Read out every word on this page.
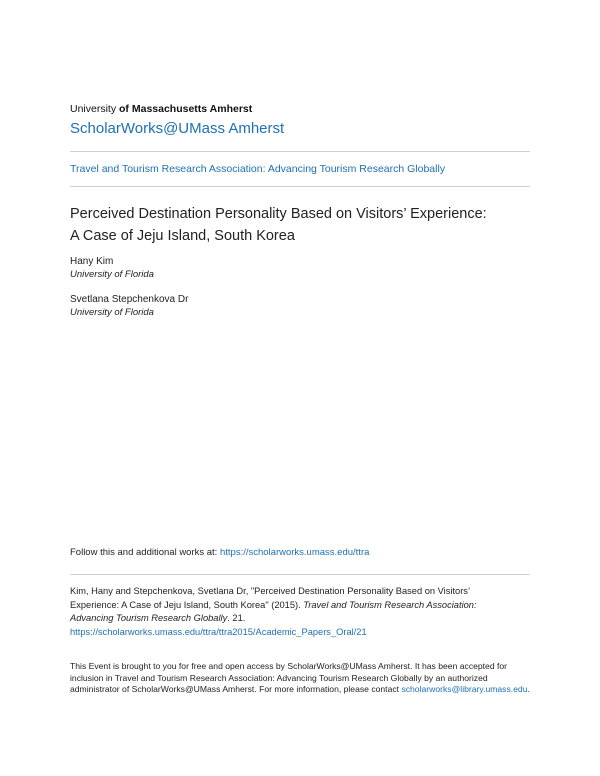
University of Massachusetts Amherst
ScholarWorks@UMass Amherst
Travel and Tourism Research Association: Advancing Tourism Research Globally
Perceived Destination Personality Based on Visitors’ Experience:
A Case of Jeju Island, South Korea
Hany Kim
University of Florida
Svetlana Stepchenkova Dr
University of Florida
Follow this and additional works at: https://scholarworks.umass.edu/ttra
Kim, Hany and Stepchenkova, Svetlana Dr, "Perceived Destination Personality Based on Visitors’
Experience: A Case of Jeju Island, South Korea" (2015). Travel and Tourism Research Association:
Advancing Tourism Research Globally. 21.
https://scholarworks.umass.edu/ttra/ttra2015/Academic_Papers_Oral/21
This Event is brought to you for free and open access by ScholarWorks@UMass Amherst. It has been accepted for inclusion in Travel and Tourism Research Association: Advancing Tourism Research Globally by an authorized administrator of ScholarWorks@UMass Amherst. For more information, please contact scholarworks@library.umass.edu.
